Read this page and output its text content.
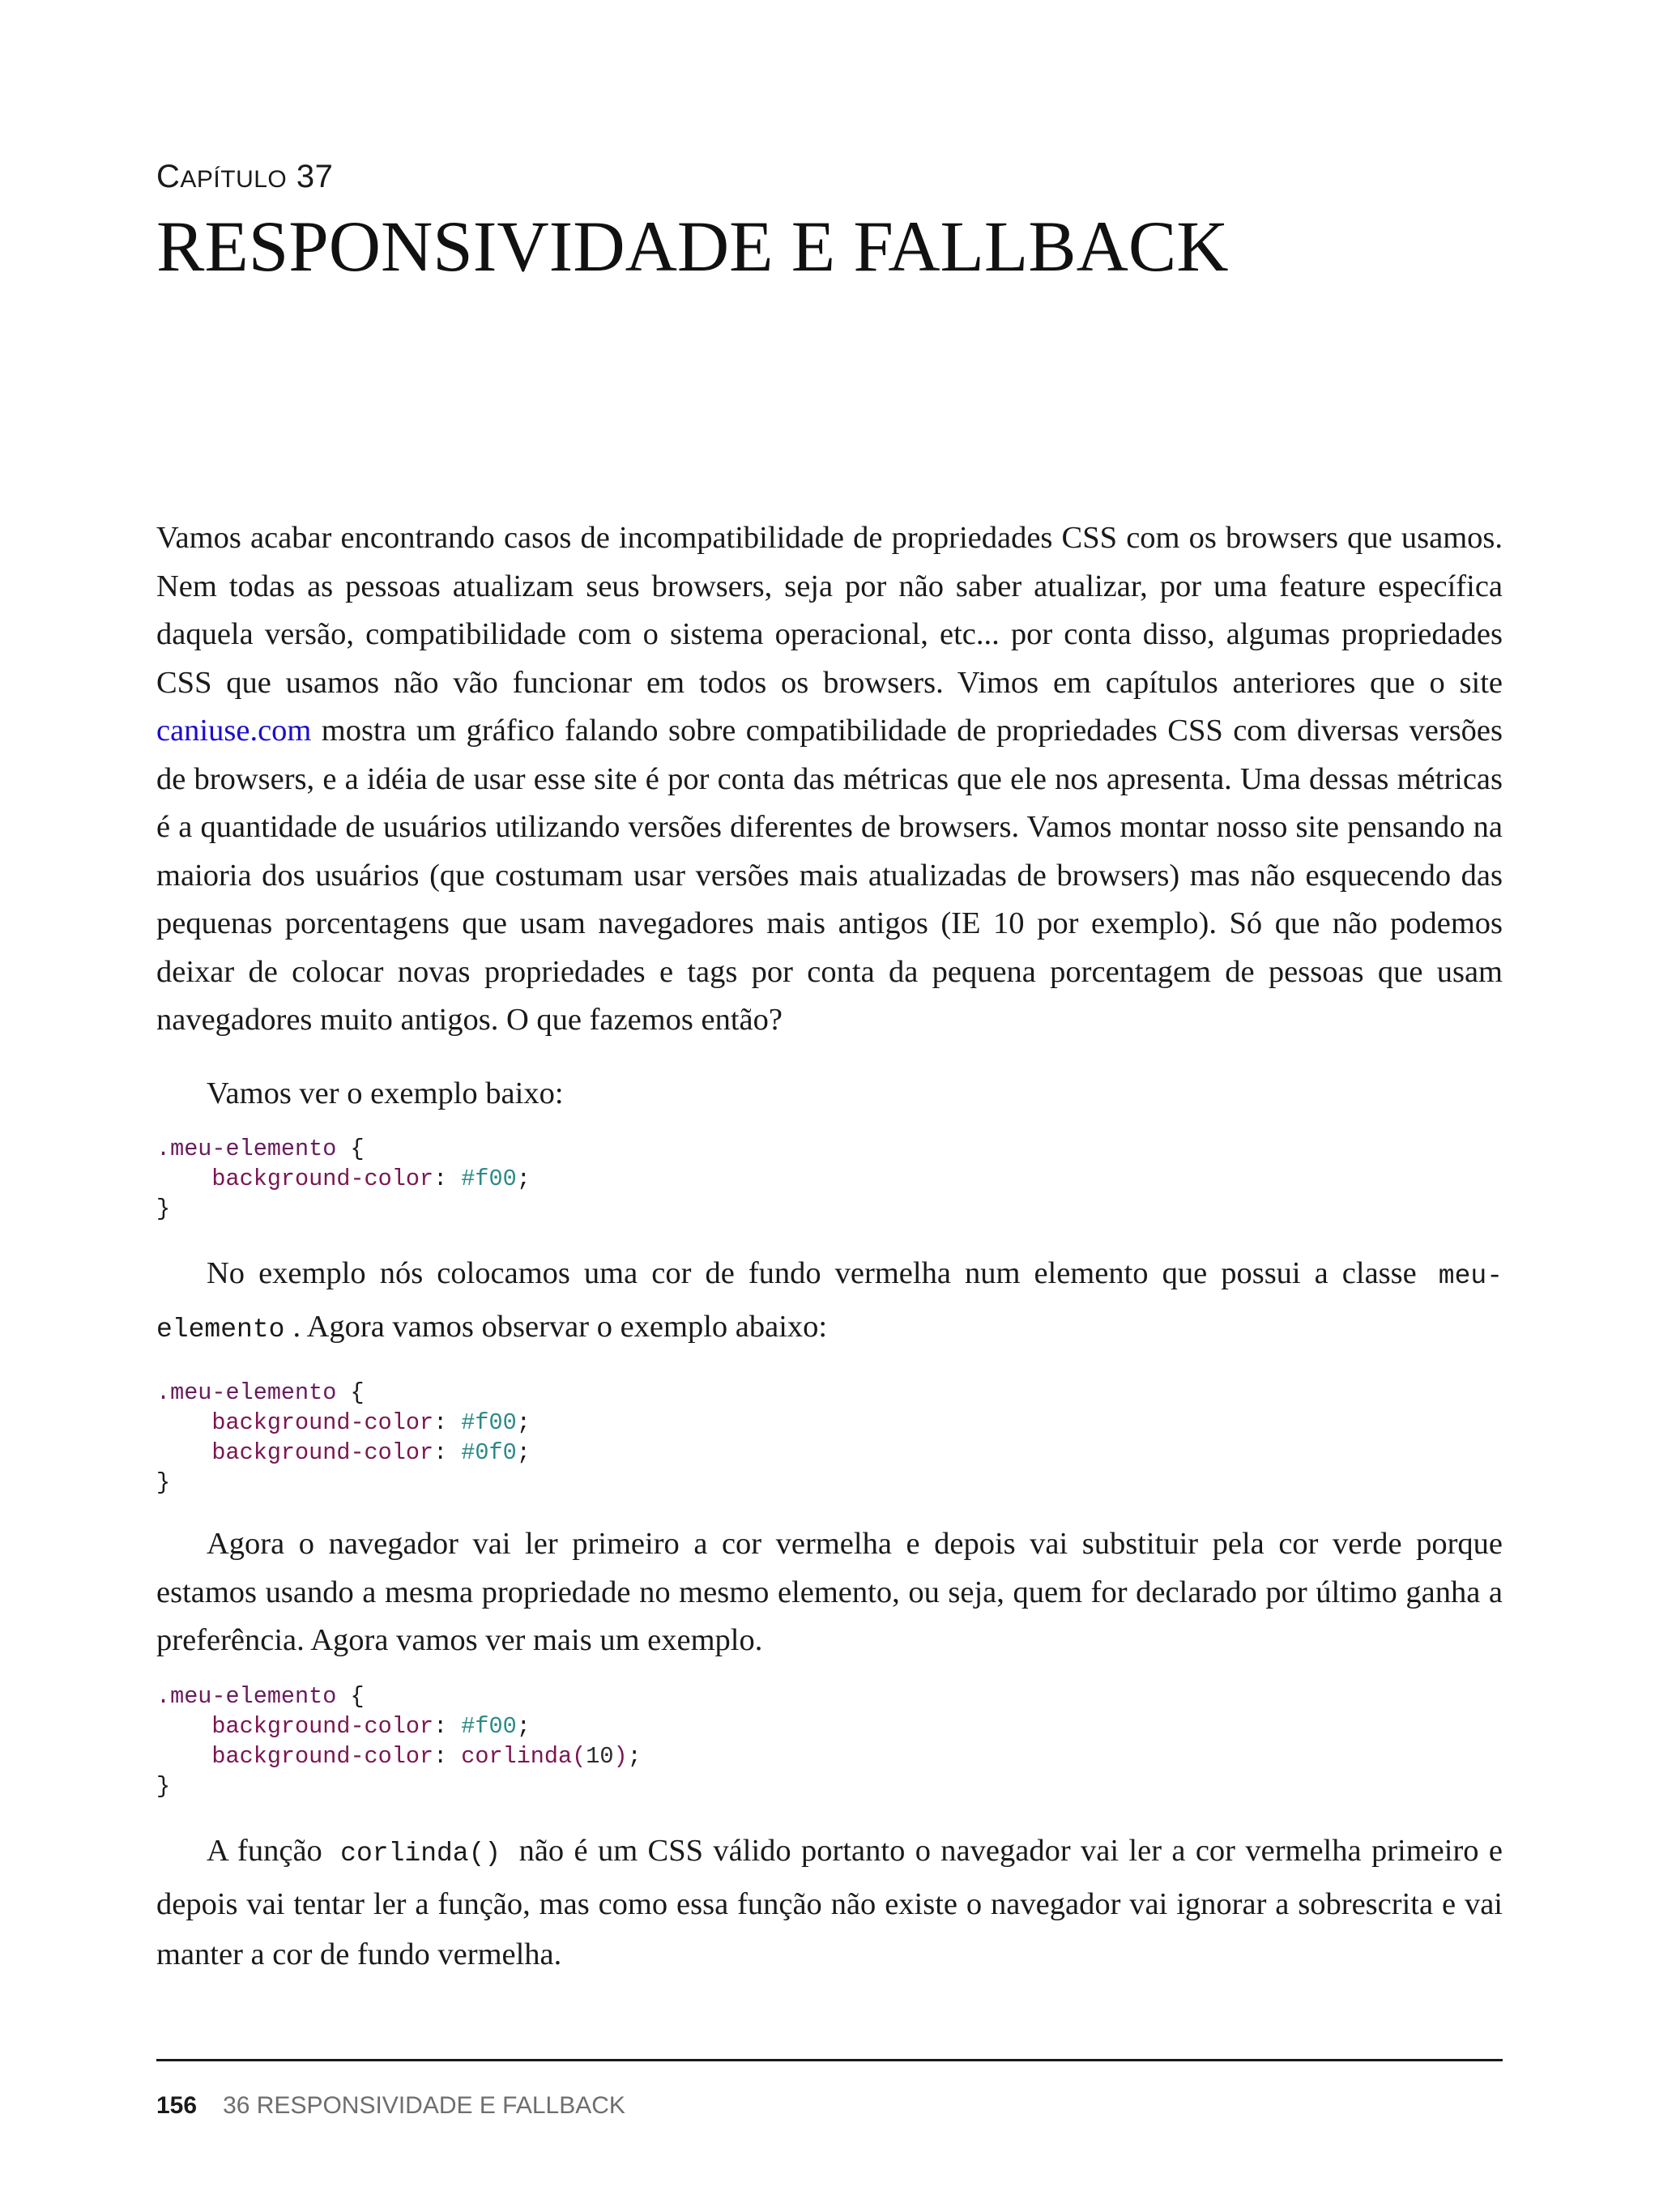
CAPÍTULO 37
RESPONSIVIDADE E FALLBACK

Vamos acabar encontrando casos de incompatibilidade de propriedades CSS com os browsers que usamos. Nem todas as pessoas atualizam seus browsers, seja por não saber atualizar, por uma feature específica daquela versão, compatibilidade com o sistema operacional, etc... por conta disso, algumas propriedades CSS que usamos não vão funcionar em todos os browsers. Vimos em capítulos anteriores que o site caniuse.com mostra um gráfico falando sobre compatibilidade de propriedades CSS com diversas versões de browsers, e a idéia de usar esse site é por conta das métricas que ele nos apresenta. Uma dessas métricas é a quantidade de usuários utilizando versões diferentes de browsers. Vamos montar nosso site pensando na maioria dos usuários (que costumam usar versões mais atualizadas de browsers) mas não esquecendo das pequenas porcentagens que usam navegadores mais antigos (IE 10 por exemplo). Só que não podemos deixar de colocar novas propriedades e tags por conta da pequena porcentagem de pessoas que usam navegadores muito antigos. O que fazemos então?

Vamos ver o exemplo baixo:

.meu-elemento {
background-color: #f00;
}

No exemplo nós colocamos uma cor de fundo vermelha num elemento que possui a classe meu-elemento . Agora vamos observar o exemplo abaixo:

.meu-elemento {
background-color: #f00;
background-color: #0f0;
}

Agora o navegador vai ler primeiro a cor vermelha e depois vai substituir pela cor verde porque estamos usando a mesma propriedade no mesmo elemento, ou seja, quem for declarado por último ganha a preferência. Agora vamos ver mais um exemplo.

.meu-elemento {
background-color: #f00;
background-color: corlinda(10);
}

A função corlinda() não é um CSS válido portanto o navegador vai ler a cor vermelha primeiro e depois vai tentar ler a função, mas como essa função não existe o navegador vai ignorar a sobrescrita e vai manter a cor de fundo vermelha.

156 36 RESPONSIVIDADE E FALLBACK
